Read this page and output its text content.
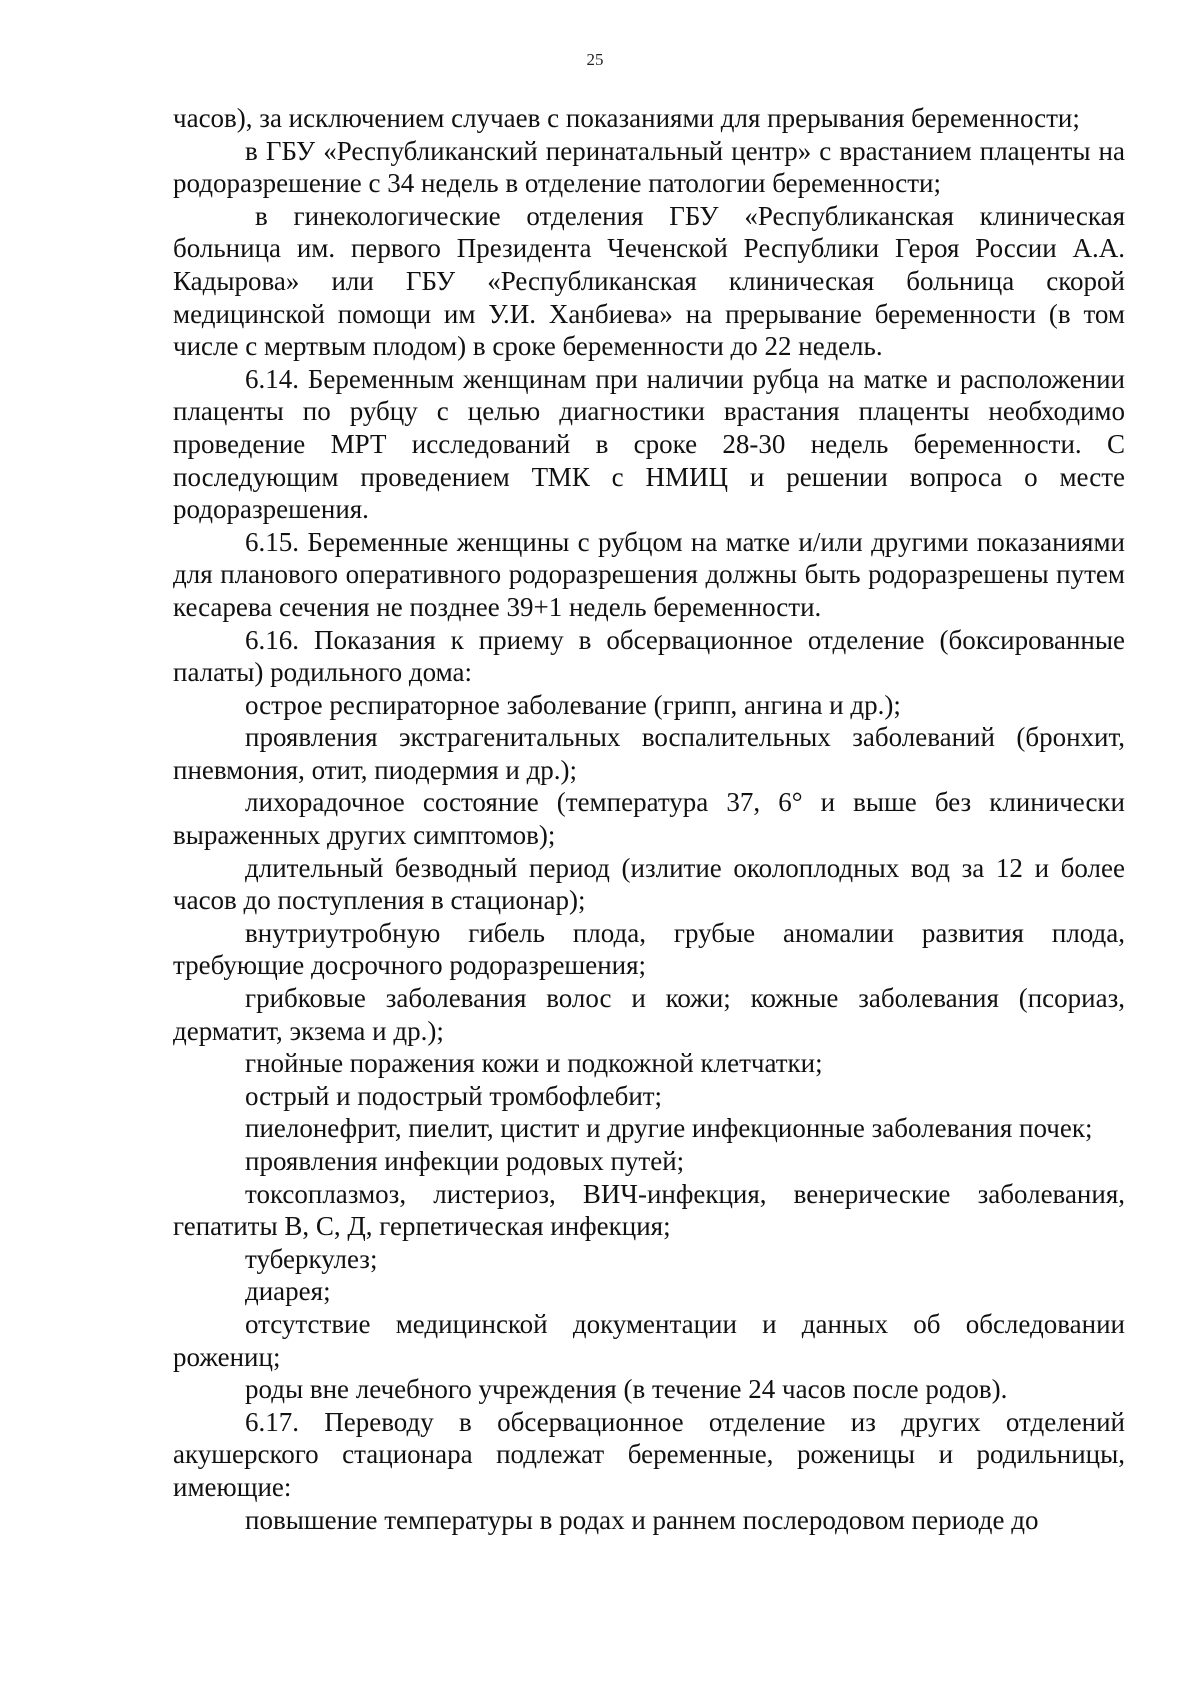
25

часов), за исключением случаев с показаниями для прерывания беременности;

в ГБУ «Республиканский перинатальный центр» с врастанием плаценты на родоразрешение с 34 недель в отделение патологии беременности;

в гинекологические отделения ГБУ «Республиканская клиническая больница им. первого Президента Чеченской Республики Героя России А.А. Кадырова» или ГБУ «Республиканская клиническая больница скорой медицинской помощи им У.И. Ханбиева» на прерывание беременности (в том числе с мертвым плодом) в сроке беременности до 22 недель.

6.14. Беременным женщинам при наличии рубца на матке и расположении плаценты по рубцу с целью диагностики врастания плаценты необходимо проведение МРТ исследований в сроке 28-30 недель беременности. С последующим проведением ТМК с НМИЦ и решении вопроса о месте родоразрешения.

6.15. Беременные женщины с рубцом на матке и/или другими показаниями для планового оперативного родоразрешения должны быть родоразрешены путем кесарева сечения не позднее 39+1 недель беременности.

6.16. Показания к приему в обсервационное отделение (боксированные палаты) родильного дома:

острое респираторное заболевание (грипп, ангина и др.);

проявления экстрагенитальных воспалительных заболеваний (бронхит, пневмония, отит, пиодермия и др.);

лихорадочное состояние (температура 37, 6° и выше без клинически выраженных других симптомов);

длительный безводный период (излитие околоплодных вод за 12 и более часов до поступления в стационар);

внутриутробную гибель плода, грубые аномалии развития плода, требующие досрочного родоразрешения;

грибковые заболевания волос и кожи; кожные заболевания (псориаз, дерматит, экзема и др.);

гнойные поражения кожи и подкожной клетчатки;

острый и подострый тромбофлебит;

пиелонефрит, пиелит, цистит и другие инфекционные заболевания почек;

проявления инфекции родовых путей;

токсоплазмоз, листериоз, ВИЧ-инфекция, венерические заболевания, гепатиты В, С, Д, герпетическая инфекция;

туберкулез;

диарея;

отсутствие медицинской документации и данных об обследовании рожениц;

роды вне лечебного учреждения (в течение 24 часов после родов).

6.17. Переводу в обсервационное отделение из других отделений акушерского стационара подлежат беременные, роженицы и родильницы, имеющие:

повышение температуры в родах и раннем послеродовом периоде до
